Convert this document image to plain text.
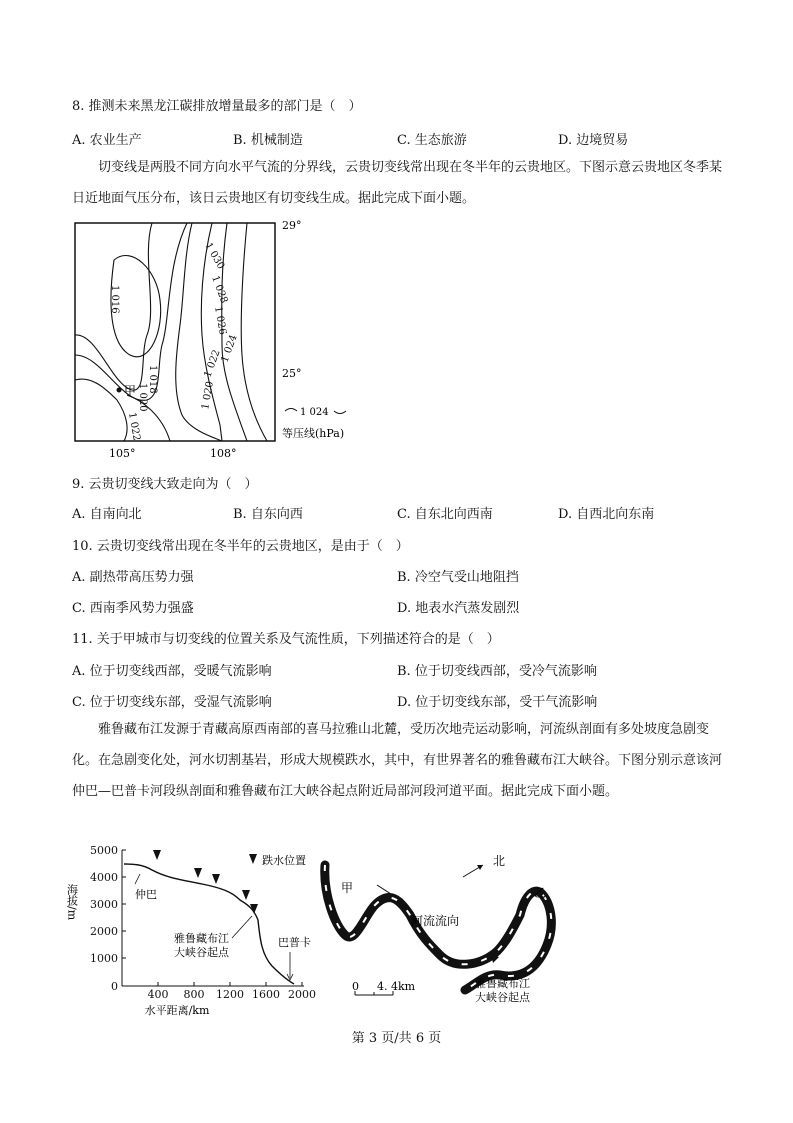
8. 推测未来黑龙江碳排放增量最多的部门是（　）
A. 农业生产	B. 机械制造	C. 生态旅游	D. 边境贸易
切变线是两股不同方向水平气流的分界线，云贵切变线常出现在冬半年的云贵地区。下图示意云贵地区冬季某日近地面气压分布，该日云贵地区有切变线生成。据此完成下面小题。
1 030
1 028
1 026
1 024
1 022
1 020
1 018
1 020
1 022
1 016
甲
29°
25°
105°	108°
1 024
等压线(hPa)
9. 云贵切变线大致走向为（　）
A. 自南向北	B. 自东向西	C. 自东北向西南	D. 自西北向东南
10. 云贵切变线常出现在冬半年的云贵地区，是由于（　）
A. 副热带高压势力强	B. 冷空气受山地阻挡
C. 西南季风势力强盛	D. 地表水汽蒸发剧烈
11. 关于甲城市与切变线的位置关系及气流性质，下列描述符合的是（　）
A. 位于切变线西部，受暖气流影响	B. 位于切变线西部，受冷气流影响
C. 位于切变线东部，受湿气流影响	D. 位于切变线东部，受干气流影响
雅鲁藏布江发源于青藏高原西南部的喜马拉雅山北麓，受历次地壳运动影响，河流纵剖面有多处坡度急剧变化。在急剧变化处，河水切割基岩，形成大规模跌水，其中，有世界著名的雅鲁藏布江大峡谷。下图分别示意该河仲巴—巴普卡河段纵剖面和雅鲁藏布江大峡谷起点附近局部河段河道平面。据此完成下面小题。
5000
4000
3000
2000
1000
0
400 800 1200 1600 2000
水平距离/km
海拔/m
跌水位置
仲巴
雅鲁藏布江
大峡谷起点
巴普卡
甲	乙
北
河流流向
雅鲁藏布江
大峡谷起点
0 4. 4km
第 3 页/共 6 页
